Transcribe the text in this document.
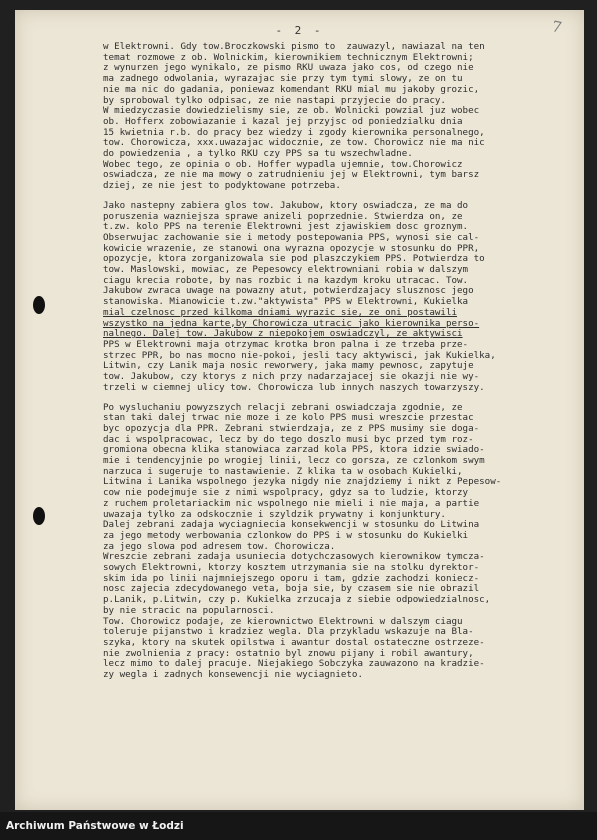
- 2 -	7
w Elektrowni. Gdy tow.Broczkowski pismo to  zauwazyl, nawiazal na ten
temat rozmowe z ob. Wolnickim, kierownikiem technicznym Elektrowni;
z wynurzen jego wynikalo, ze pismo RKU uwaza jako cos, od czego nie
ma zadnego odwolania, wyrazajac sie przy tym tymi slowy, ze on tu
nie ma nic do gadania, poniewaz komendant RKU mial mu jakoby grozic,
by sprobowal tylko odpisac, ze nie nastapi przyjecie do pracy.
W miedzyczasie dowiedzielismy sie, ze ob. Wolnicki powzial juz wobec
ob. Hofferx zobowiazanie i kazal jej przyjsc od poniedzialku dnia
15 kwietnia r.b. do pracy bez wiedzy i zgody kierownika personalnego,
tow. Chorowicza, xxx.uwazajac widocznie, ze tow. Chorowicz nie ma nic
do powiedzenia , a tylko RKU czy PPS sa tu wszechwladne.
Wobec tego, ze opinia o ob. Hoffer wypadla ujemnie, tow.Chorowicz
oswiadcza, ze nie ma mowy o zatrudnieniu jej w Elektrowni, tym barsz
dziej, ze nie jest to podyktowane potrzeba.
Jako nastepny zabiera glos tow. Jakubow, ktory oswiadcza, ze ma do
poruszenia wazniejsza sprawe anizeli poprzednie. Stwierdza on, ze
t.zw. kolo PPS na terenie Elektrowni jest zjawiskiem dosc groznym.
Obserwujac zachowanie sie i metody postepowania PPS, wynosi sie cal-
kowicie wrazenie, ze stanowi ona wyrazna opozycje w stosunku do PPR,
opozycje, ktora zorganizowala sie pod plaszczykiem PPS. Potwierdza to
tow. Maslowski, mowiac, ze Pepesowcy elektrowniani robia w dalszym
ciagu krecia robote, by nas rozbic i na kazdym kroku utracac. Tow.
Jakubow zwraca uwage na powazny atut, potwierdzajacy slusznosc jego
stanowiska. Mianowicie t.zw."aktywista" PPS w Elektrowni, Kukielka
mial czelnosc przed kilkoma dniami wyrazic sie, ze oni postawili
wszystko na jedna karte,by Chorowicza utracic jako kierownika perso-
nalnego. Dalej tow. Jakubow z niepokojem oswiadczyl, ze aktywisci
PPS w Elektrowni maja otrzymac krotka bron palna i ze trzeba prze-
strzec PPR, bo nas mocno nie-pokoi, jesli tacy aktywisci, jak Kukielka,
Litwin, czy Lanik maja nosic reworwery, jaka mamy pewnosc, zapytuje
tow. Jakubow, czy ktorys z nich przy nadarzajacej sie okazji nie wy-
trzeli w ciemnej ulicy tow. Chorowicza lub innych naszych towarzyszy.
Po wysluchaniu powyzszych relacji zebrani oswiadczaja zgodnie, ze
stan taki dalej trwac nie moze i ze kolo PPS musi wreszcie przestac
byc opozycja dla PPR. Zebrani stwierdzaja, ze z PPS musimy sie doga-
dac i wspolpracowac, lecz by do tego doszlo musi byc przed tym roz-
gromiona obecna klika stanowiaca zarzad kola PPS, ktora idzie swiado-
mie i tendencyjnie po wrogiej linii, lecz co gorsza, ze czlonkom swym
narzuca i sugeruje to nastawienie. Z klika ta w osobach Kukielki,
Litwina i Lanika wspolnego jezyka nigdy nie znajdziemy i nikt z Pepesow-
cow nie podejmuje sie z nimi wspolpracy, gdyz sa to ludzie, ktorzy
z ruchem proletariackim nic wspolnego nie mieli i nie maja, a partie
uwazaja tylko za odskocznie i szyldzik prywatny i konjunktury.
Dalej zebrani zadaja wyciagniecia konsekwencji w stosunku do Litwina
za jego metody werbowania czlonkow do PPS i w stosunku do Kukielki
za jego slowa pod adresem tow. Chorowicza.
Wreszcie zebrani zadaja usuniecia dotychczasowych kierownikow tymcza-
sowych Elektrowni, ktorzy kosztem utrzymania sie na stolku dyrektor-
skim ida po linii najmniejszego oporu i tam, gdzie zachodzi koniecz-
nosc zajecia zdecydowanego veta, boja sie, by czasem sie nie obrazil
p.Lanik, p.Litwin, czy p. Kukielka zrzucaja z siebie odpowiedzialnosc,
by nie stracic na popularnosci.
Tow. Chorowicz podaje, ze kierownictwo Elektrowni w dalszym ciagu
toleruje pijanstwo i kradziez wegla. Dla przykladu wskazuje na Bla-
szyka, ktory na skutek opilstwa i awantur dostal ostateczne ostrzeze-
nie zwolnienia z pracy: ostatnio byl znowu pijany i robil awantury,
lecz mimo to dalej pracuje. Niejakiego Sobczyka zauwazono na kradzie-
zy wegla i zadnych konsewencji nie wyciagnieto.
Archiwum Państwowe w Łodzi
